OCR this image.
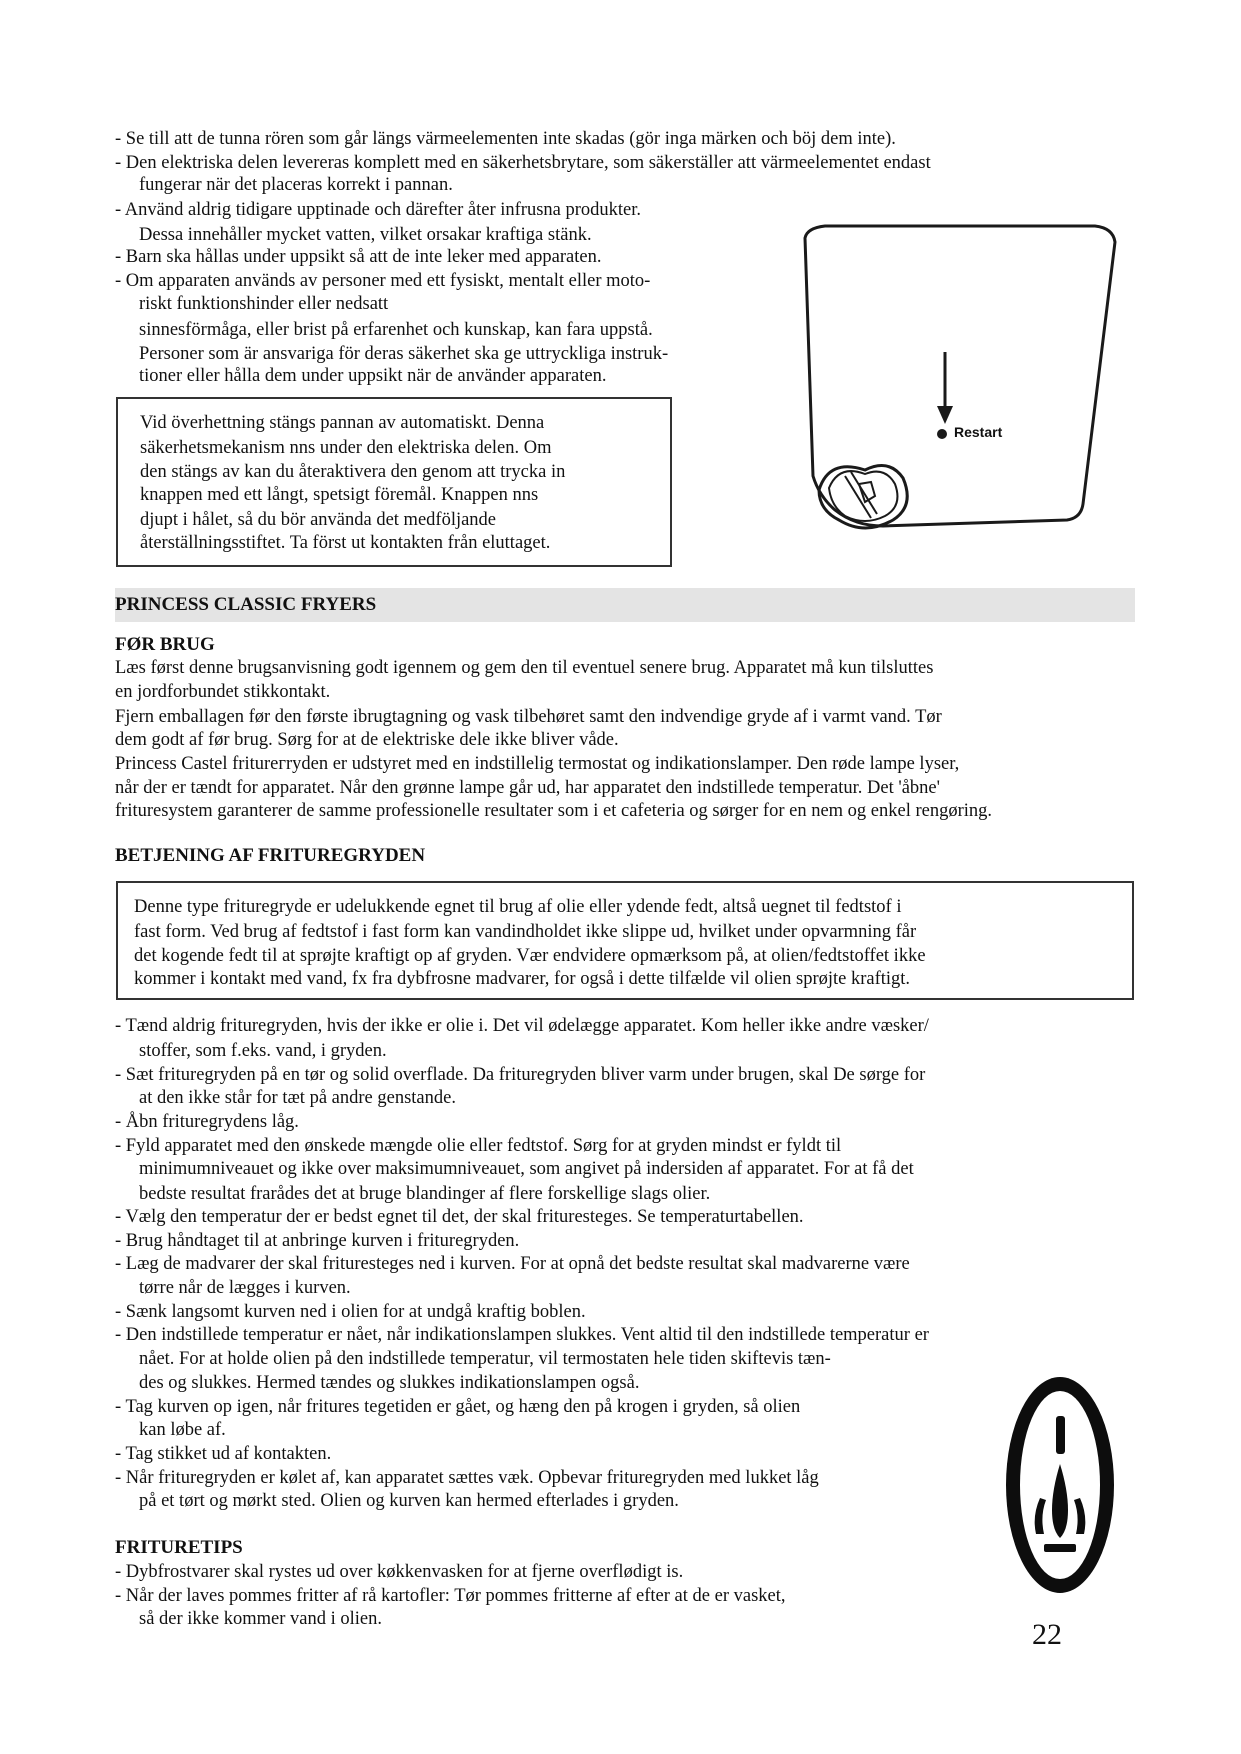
- Se till att de tunna rören som går längs värmeelementen inte skadas (gör inga märken och böj dem inte).
- Den elektriska delen levereras komplett med en säkerhetsbrytare, som säkerställer att värmeelementet endast
fungerar när det placeras korrekt i pannan.
- Använd aldrig tidigare upptinade och därefter åter infrusna produkter.
Dessa innehåller mycket vatten, vilket orsakar kraftiga stänk.
- Barn ska hållas under uppsikt så att de inte leker med apparaten.
- Om apparaten används av personer med ett fysiskt, mentalt eller moto-
riskt funktionshinder eller nedsatt
sinnesförmåga, eller brist på erfarenhet och kunskap, kan fara uppstå.
Personer som är ansvariga för deras säkerhet ska ge uttryckliga instruk-
tioner eller hålla dem under uppsikt när de använder apparaten.
Vid överhettning stängs pannan av automatiskt. Denna
säkerhetsmekanism nns under den elektriska delen. Om
den stängs av kan du återaktivera den genom att trycka in
knappen med ett långt, spetsigt föremål. Knappen nns
djupt i hålet, så du bör använda det medföljande
återställningsstiftet. Ta först ut kontakten från eluttaget.
Restart
PRINCESS CLASSIC FRYERS
FØR BRUG
Læs først denne brugsanvisning godt igennem og gem den til eventuel senere brug. Apparatet må kun tilsluttes
en jordforbundet stikkontakt.
Fjern emballagen før den første ibrugtagning og vask tilbehøret samt den indvendige gryde af i varmt vand. Tør
dem godt af før brug. Sørg for at de elektriske dele ikke bliver våde.
Princess Castel friturегryden er udstyret med en indstillelig termostat og indikationslamper. Den røde lampe lyser,
når der er tændt for apparatet. Når den grønne lampe går ud, har apparatet den indstillede temperatur. Det 'åbne'
frituresystem garanterer de samme professionelle resultater som i et cafeteria og sørger for en nem og enkel rengøring.
BETJENING AF FRITUREGRYDEN
Denne type frituregryde er udelukkende egnet til brug af olie eller ydende fedt, altså uegnet til fedtstof i
fast form. Ved brug af fedtstof i fast form kan vandindholdet ikke slippe ud, hvilket under opvarmning får
det kogende fedt til at sprøjte kraftigt op af gryden. Vær endvidere opmærksom på, at olien/fedtstoffet ikke
kommer i kontakt med vand, fx fra dybfrosne madvarer, for også i dette tilfælde vil olien sprøjte kraftigt.
- Tænd aldrig frituregryden, hvis der ikke er olie i. Det vil ødelægge apparatet. Kom heller ikke andre væsker/
stoffer, som f.eks. vand, i gryden.
- Sæt frituregryden på en tør og solid overflade. Da frituregryden bliver varm under brugen, skal De sørge for
at den ikke står for tæt på andre genstande.
- Åbn frituregrydens låg.
- Fyld apparatet med den ønskede mængde olie eller fedtstof. Sørg for at gryden mindst er fyldt til
minimumniveauet og ikke over maksimumniveauet, som angivet på indersiden af apparatet. For at få det
bedste resultat frarådes det at bruge blandinger af flere forskellige slags olier.
- Vælg den temperatur der er bedst egnet til det, der skal frituresteges. Se temperaturtabellen.
- Brug håndtaget til at anbringe kurven i frituregryden.
- Læg de madvarer der skal frituresteges ned i kurven. For at opnå det bedste resultat skal madvarerne være
tørre når de lægges i kurven.
- Sænk langsomt kurven ned i olien for at undgå kraftig boblen.
- Den indstillede temperatur er nået, når indikationslampen slukkes. Vent altid til den indstillede temperatur er
nået. For at holde olien på den indstillede temperatur, vil termostaten hele tiden skiftevis tæn-
des og slukkes. Hermed tændes og slukkes indikationslampen også.
- Tag kurven op igen, når fritures tegetiden er gået, og hæng den på krogen i gryden, så olien
kan løbe af.
- Tag stikket ud af kontakten.
- Når frituregryden er kølet af, kan apparatet sættes væk. Opbevar frituregryden med lukket låg
på et tørt og mørkt sted. Olien og kurven kan hermed efterlades i gryden.
FRITURETIPS
- Dybfrostvarer skal rystes ud over køkkenvasken for at fjerne overflødigt is.
- Når der laves pommes fritter af rå kartofler: Tør pommes fritterne af efter at de er vasket,
så der ikke kommer vand i olien.	22
